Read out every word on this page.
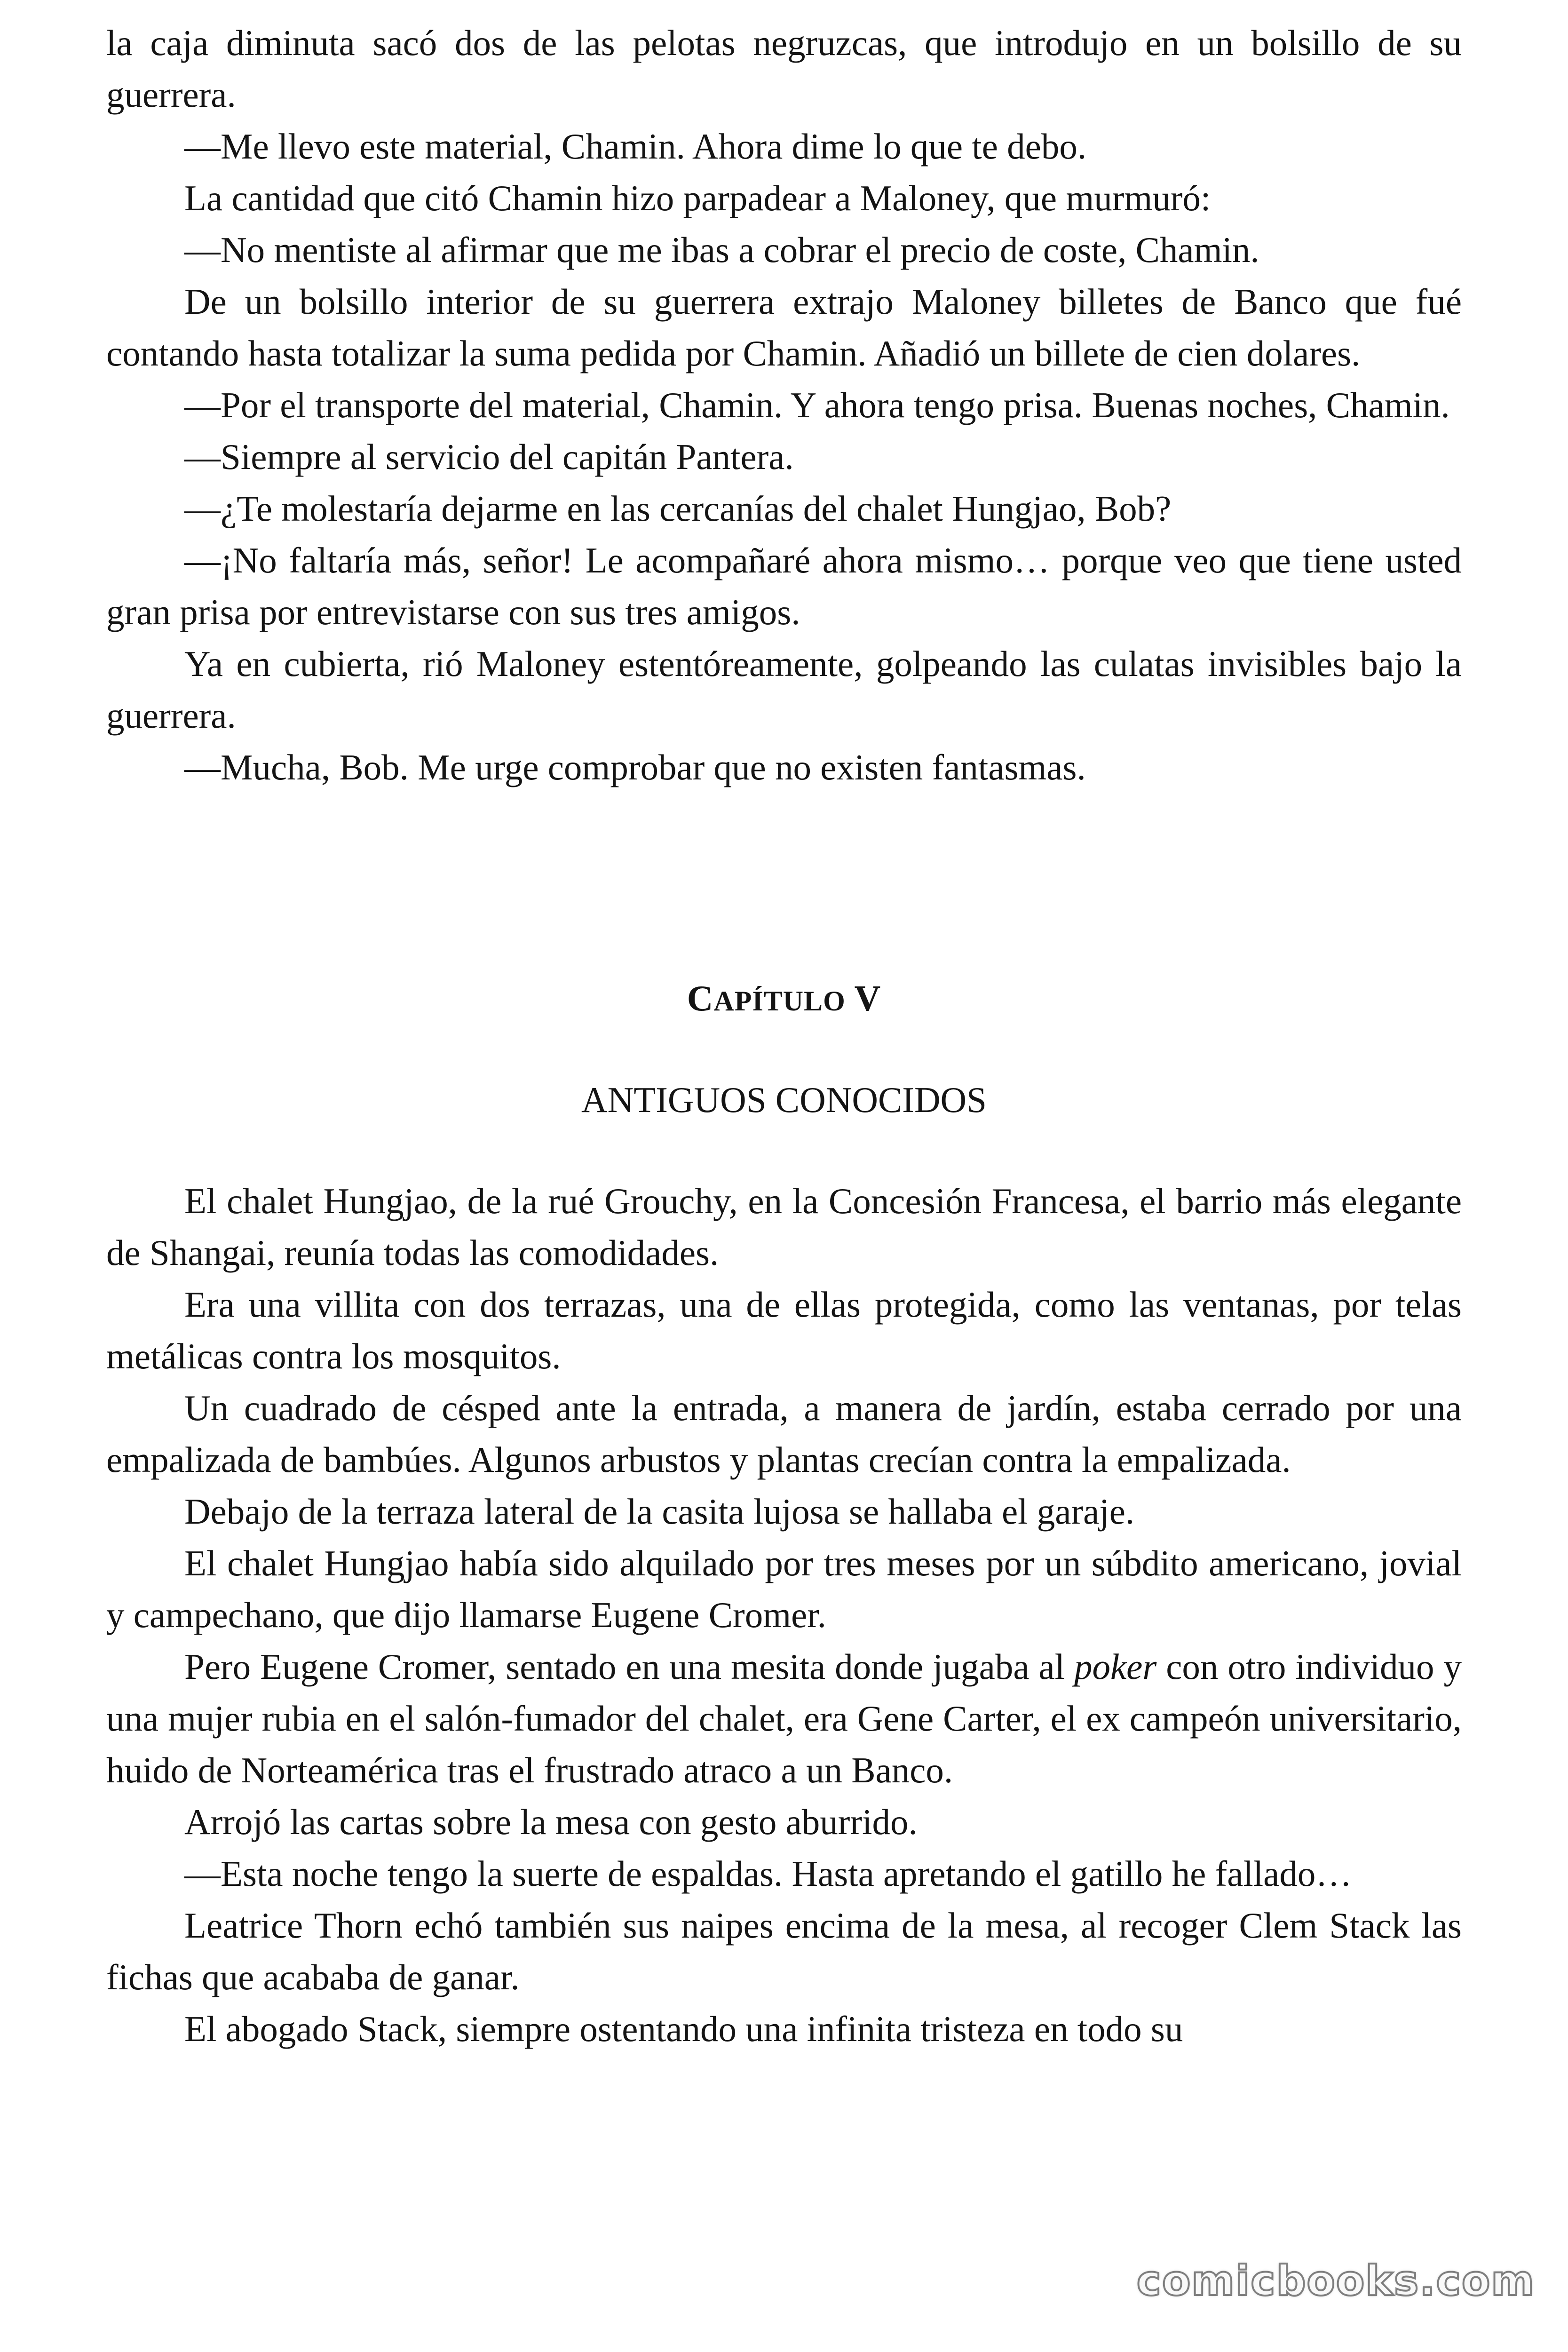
la caja diminuta sacó dos de las pelotas negruzcas, que introdujo en un bolsillo de su guerrera.

—Me llevo este material, Chamin. Ahora dime lo que te debo.

La cantidad que citó Chamin hizo parpadear a Maloney, que murmuró:

—No mentiste al afirmar que me ibas a cobrar el precio de coste, Chamin.

De un bolsillo interior de su guerrera extrajo Maloney billetes de Banco que fué contando hasta totalizar la suma pedida por Chamin. Añadió un billete de cien dolares.

—Por el transporte del material, Chamin. Y ahora tengo prisa. Buenas noches, Chamin.

—Siempre al servicio del capitán Pantera.

—¿Te molestaría dejarme en las cercanías del chalet Hungjao, Bob?

—¡No faltaría más, señor! Le acompañaré ahora mismo… porque veo que tiene usted gran prisa por entrevistarse con sus tres amigos.

Ya en cubierta, rió Maloney estentóreamente, golpeando las culatas invisibles bajo la guerrera.

—Mucha, Bob. Me urge comprobar que no existen fantasmas.

CAPÍTULO V
ANTIGUOS CONOCIDOS

El chalet Hungjao, de la rué Grouchy, en la Concesión Francesa, el barrio más elegante de Shangai, reunía todas las comodidades.

Era una villita con dos terrazas, una de ellas protegida, como las ventanas, por telas metálicas contra los mosquitos.

Un cuadrado de césped ante la entrada, a manera de jardín, estaba cerrado por una empalizada de bambúes. Algunos arbustos y plantas crecían contra la empalizada.

Debajo de la terraza lateral de la casita lujosa se hallaba el garaje.

El chalet Hungjao había sido alquilado por tres meses por un súbdito americano, jovial y campechano, que dijo llamarse Eugene Cromer.

Pero Eugene Cromer, sentado en una mesita donde jugaba al poker con otro individuo y una mujer rubia en el salón-fumador del chalet, era Gene Carter, el ex campeón universitario, huido de Norteamérica tras el frustrado atraco a un Banco.

Arrojó las cartas sobre la mesa con gesto aburrido.

—Esta noche tengo la suerte de espaldas. Hasta apretando el gatillo he fallado…

Leatrice Thorn echó también sus naipes encima de la mesa, al recoger Clem Stack las fichas que acababa de ganar.

El abogado Stack, siempre ostentando una infinita tristeza en todo su

comicbooks.com
